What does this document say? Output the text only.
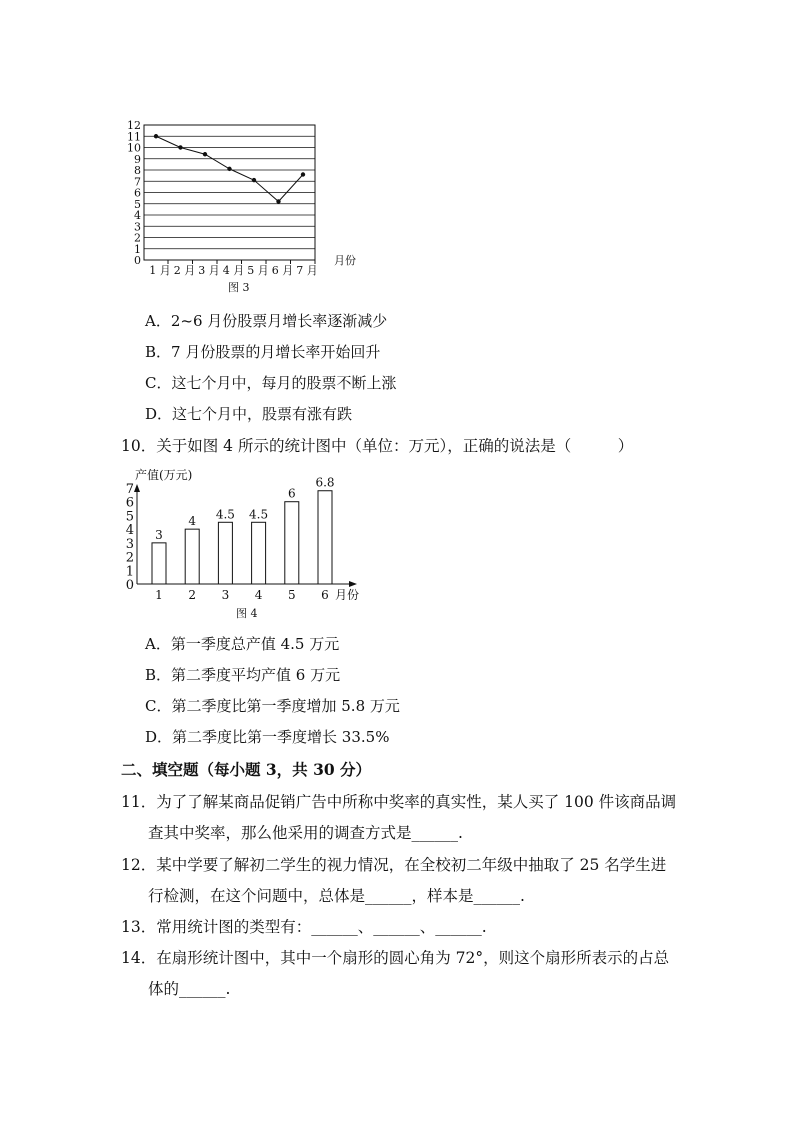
0
1
2
3
4
5
6
7
8
9
10
11
12
1 月 2 月 3 月 4 月 5 月 6 月 7 月
月份
图 3
A．2~6 月份股票月增长率逐渐减少
B．7 月份股票的月增长率开始回升
C．这七个月中，每月的股票不断上涨
D．这七个月中，股票有涨有跌
10．关于如图 4 所示的统计图中（单位：万元），正确的说法是（　　　）
产值(万元)
0
1
2
3
4
5
6
7
3
4 4.5 4.5
6
6.8
1 2 3 4 5 6 月份
图 4
A．第一季度总产值 4.5 万元
B．第二季度平均产值 6 万元
C．第二季度比第一季度增加 5.8 万元
D．第二季度比第一季度增长 33.5%
二、填空题（每小题 3，共 30 分）
11．为了了解某商品促销广告中所称中奖率的真实性，某人买了 100 件该商品调
查其中奖率，那么他采用的调查方式是______.
12．某中学要了解初二学生的视力情况，在全校初二年级中抽取了 25 名学生进
行检测，在这个问题中，总体是______，样本是______.
13．常用统计图的类型有：______、______、______.
14．在扇形统计图中，其中一个扇形的圆心角为 72°，则这个扇形所表示的占总
体的______.
